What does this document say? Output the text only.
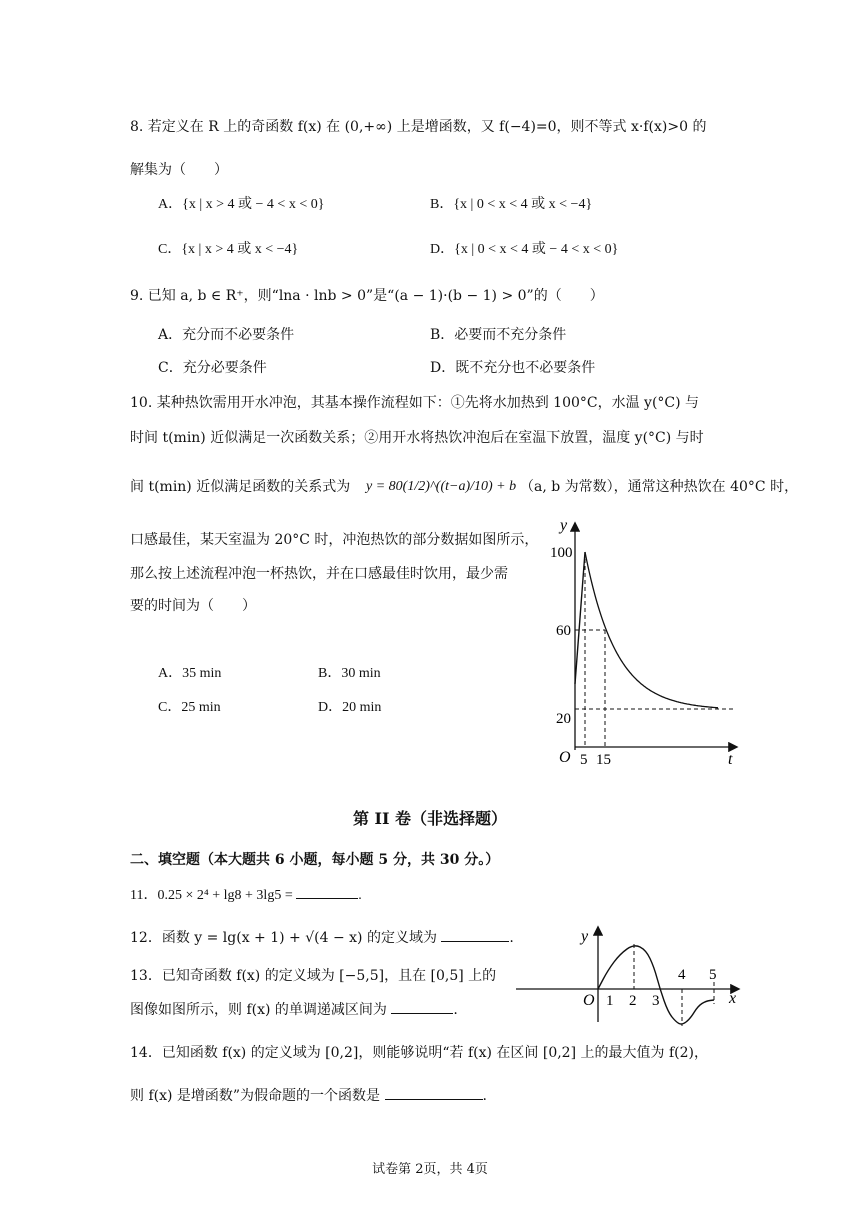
8. 若定义在 R 上的奇函数 f(x) 在 (0,+∞) 上是增函数，又 f(−4)=0，则不等式 x·f(x)>0 的
解集为（　　）
A．{x | x > 4 或 − 4 < x < 0}	B．{x | 0 < x < 4 或 x < −4}
C．{x | x > 4 或 x < −4}	D．{x | 0 < x < 4 或 − 4 < x < 0}
9. 已知 a, b ∈ R⁺，则“lna · lnb > 0”是“(a − 1)·(b − 1) > 0”的（　　）
A．充分而不必要条件	B．必要而不充分条件
C．充分必要条件	D．既不充分也不必要条件
10. 某种热饮需用开水冲泡，其基本操作流程如下：①先将水加热到 100°C，水温 y(°C) 与
时间 t(min) 近似满足一次函数关系；②用开水将热饮冲泡后在室温下放置，温度 y(°C) 与时
间 t(min) 近似满足函数的关系式为 y = 80(1/2)^((t−a)/10) + b （a, b 为常数），通常这种热饮在 40°C 时，
口感最佳，某天室温为 20°C 时，冲泡热饮的部分数据如图所示，
那么按上述流程冲泡一杯热饮，并在口感最佳时饮用，最少需
要的时间为（　　）
A．35 min	B．30 min
C．25 min	D．20 min
y
t
O
100
60
20
5 15
第 II 卷（非选择题）
二、填空题（本大题共 6 小题，每小题 5 分，共 30 分。）
11．0.25 × 2⁴ + lg8 + 3lg5 =	.
12．函数 y = lg(x + 1) + √(4 − x) 的定义域为	.
13．已知奇函数 f(x) 的定义域为 [−5,5]，且在 [0,5] 上的
图像如图所示，则 f(x) 的单调递减区间为	.
y
x
O 1 2 3
4 5
14．已知函数 f(x) 的定义域为 [0,2]，则能够说明“若 f(x) 在区间 [0,2] 上的最大值为 f(2)，
则 f(x) 是增函数”为假命题的一个函数是	.
试卷第 2页，共 4页
